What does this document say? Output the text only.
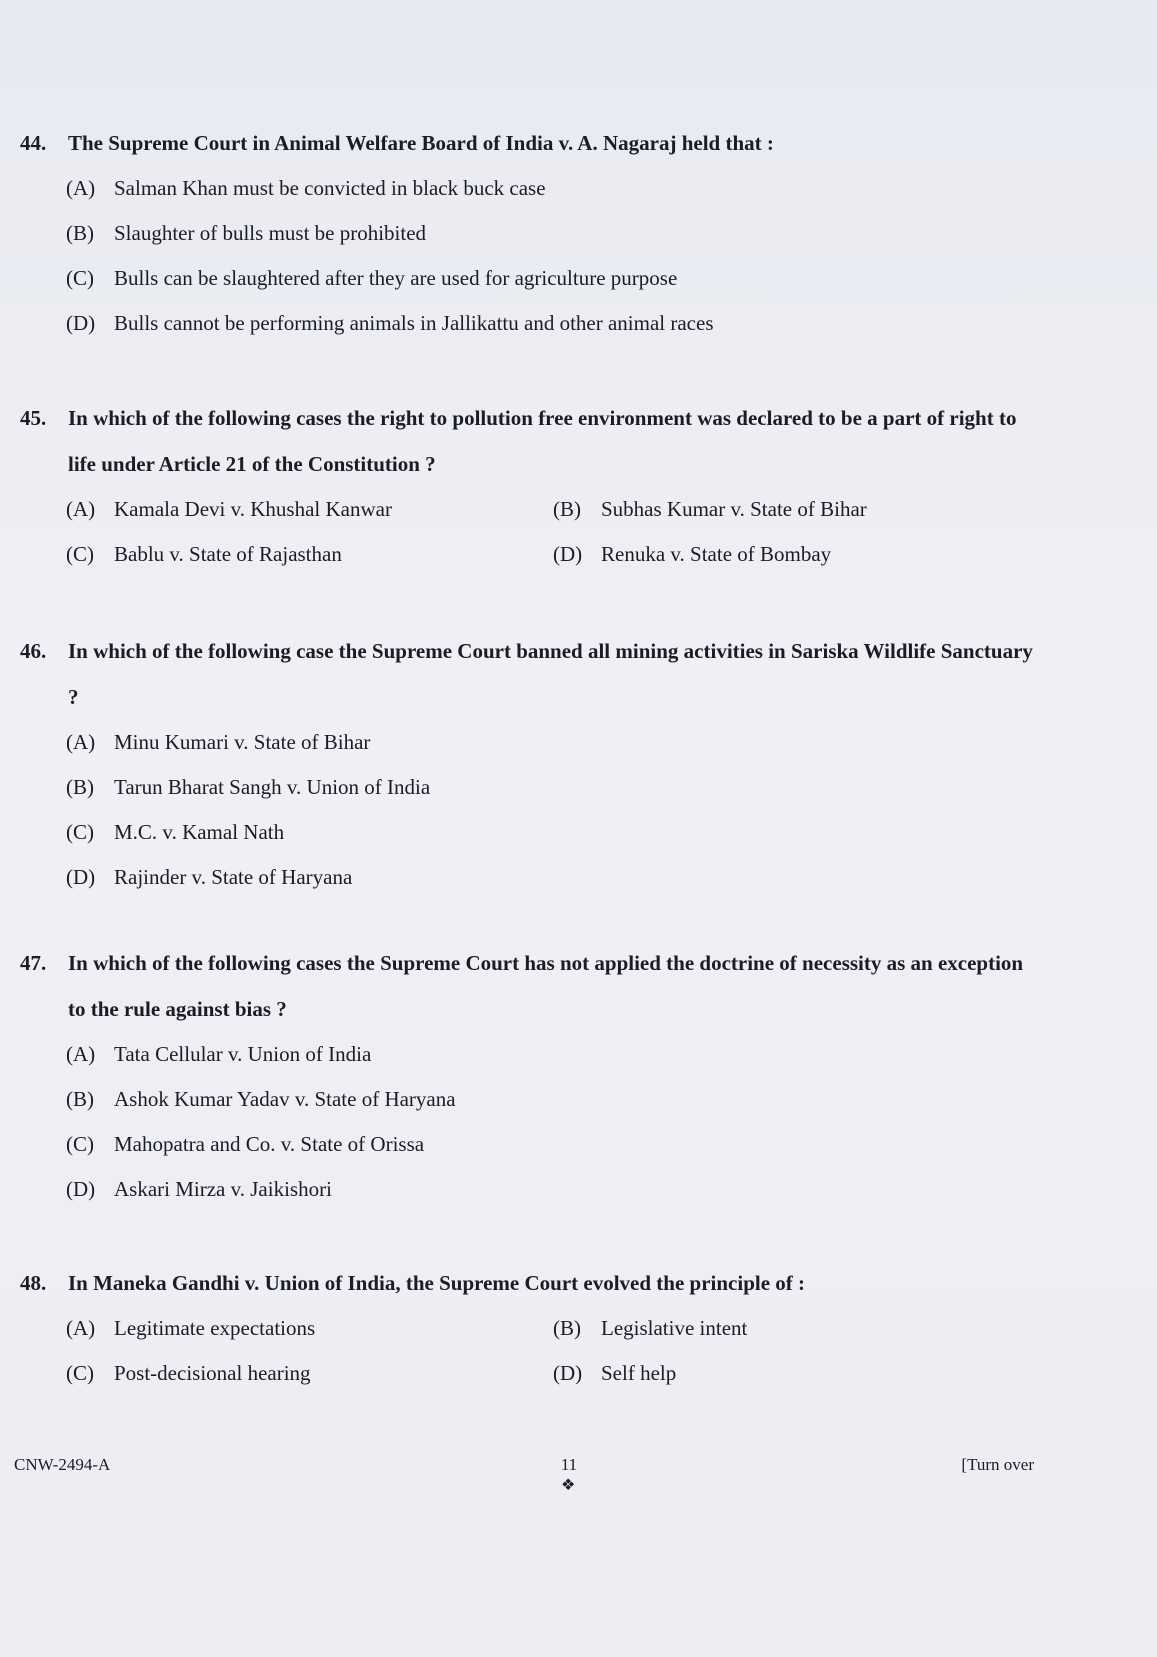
44.	The Supreme Court in Animal Welfare Board of India v. A. Nagaraj held that :
(A) Salman Khan must be convicted in black buck case
(B) Slaughter of bulls must be prohibited
(C) Bulls can be slaughtered after they are used for agriculture purpose
(D) Bulls cannot be performing animals in Jallikattu and other animal races
45.	In which of the following cases the right to pollution free environment was declared to be a part of right to life under Article 21 of the Constitution ?
(A) Kamala Devi v. Khushal Kanwar	(B) Subhas Kumar v. State of Bihar
(C) Bablu v. State of Rajasthan	(D) Renuka v. State of Bombay
46.	In which of the following case the Supreme Court banned all mining activities in Sariska Wildlife Sanctuary ?
(A) Minu Kumari v. State of Bihar
(B) Tarun Bharat Sangh v. Union of India
(C) M.C. v. Kamal Nath
(D) Rajinder v. State of Haryana
47.	In which of the following cases the Supreme Court has not applied the doctrine of necessity as an exception to the rule against bias ?
(A) Tata Cellular v. Union of India
(B) Ashok Kumar Yadav v. State of Haryana
(C) Mahopatra and Co. v. State of Orissa
(D) Askari Mirza v. Jaikishori
48.	In Maneka Gandhi v. Union of India, the Supreme Court evolved the principle of :
(A) Legitimate expectations	(B) Legislative intent
(C) Post-decisional hearing	(D) Self help
CNW-2494-A	11
❖
[Turn over
